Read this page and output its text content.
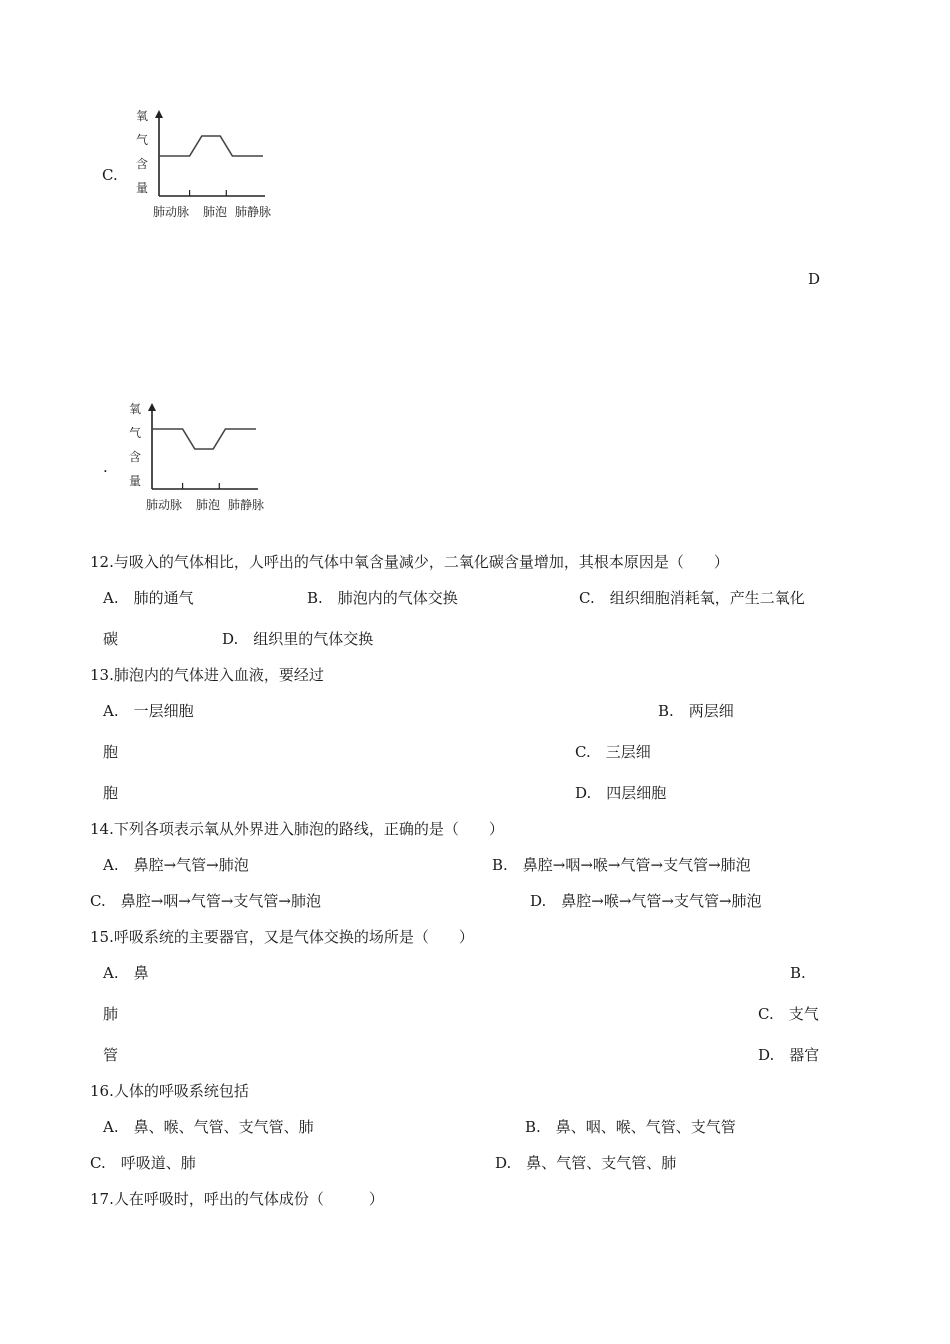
C.
氧
气
含
量
肺动脉 肺泡 肺静脉
D
.
氧
气
含
量
肺动脉 肺泡 肺静脉
12.与吸入的气体相比，人呼出的气体中氧含量减少，二氧化碳含量增加，其根本原因是（　　）
A.　肺的通气	B.　肺泡内的气体交换	C.　组织细胞消耗氧，产生二氧化
碳	D.　组织里的气体交换
13.肺泡内的气体进入血液，要经过
A.　一层细胞	B.　两层细
胞	C.　三层细
胞	D.　四层细胞
14.下列各项表示氧从外界进入肺泡的路线，正确的是（　　）
A.　鼻腔→气管→肺泡	B.　鼻腔→咽→喉→气管→支气管→肺泡
C.　鼻腔→咽→气管→支气管→肺泡	D.　鼻腔→喉→气管→支气管→肺泡
15.呼吸系统的主要器官，又是气体交换的场所是（　　）
A.　鼻	B.
肺	C.　支气
管	D.　器官
16.人体的呼吸系统包括
A.　鼻、喉、气管、支气管、肺	B.　鼻、咽、喉、气管、支气管
C.　呼吸道、肺	D.　鼻、气管、支气管、肺
17.人在呼吸时，呼出的气体成份（　　　）
